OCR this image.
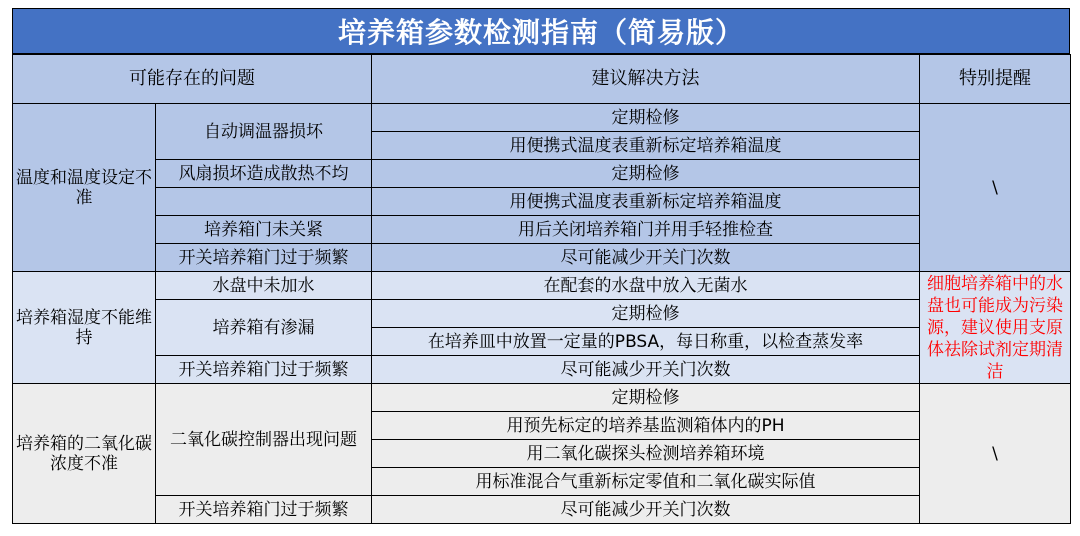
培养箱参数检测指南（简易版）
可能存在的问题		建议解决方法	特别提醒
温度和温度设定不准	自动调温器损坏	定期检修	\
		用便携式温度表重新标定培养箱温度	
	风扇损坏造成散热不均	定期检修	
		用便携式温度表重新标定培养箱温度	
	培养箱门未关紧	用后关闭培养箱门并用手轻推检查	
	开关培养箱门过于频繁	尽可能减少开关门次数	
培养箱湿度不能维持	水盘中未加水	在配套的水盘中放入无菌水	细胞培养箱中的水盘也可能成为污染源，建议使用支原体祛除试剂定期清洁
	培养箱有渗漏	定期检修	
		在培养皿中放置一定量的PBSA，每日称重，以检查蒸发率	
	开关培养箱门过于频繁	尽可能减少开关门次数	
培养箱的二氧化碳浓度不准	二氧化碳控制器出现问题	定期检修	\
		用预先标定的培养基监测箱体内的PH	
		用二氧化碳探头检测培养箱环境	
		用标准混合气重新标定零值和二氧化碳实际值	
	开关培养箱门过于频繁	尽可能减少开关门次数	
